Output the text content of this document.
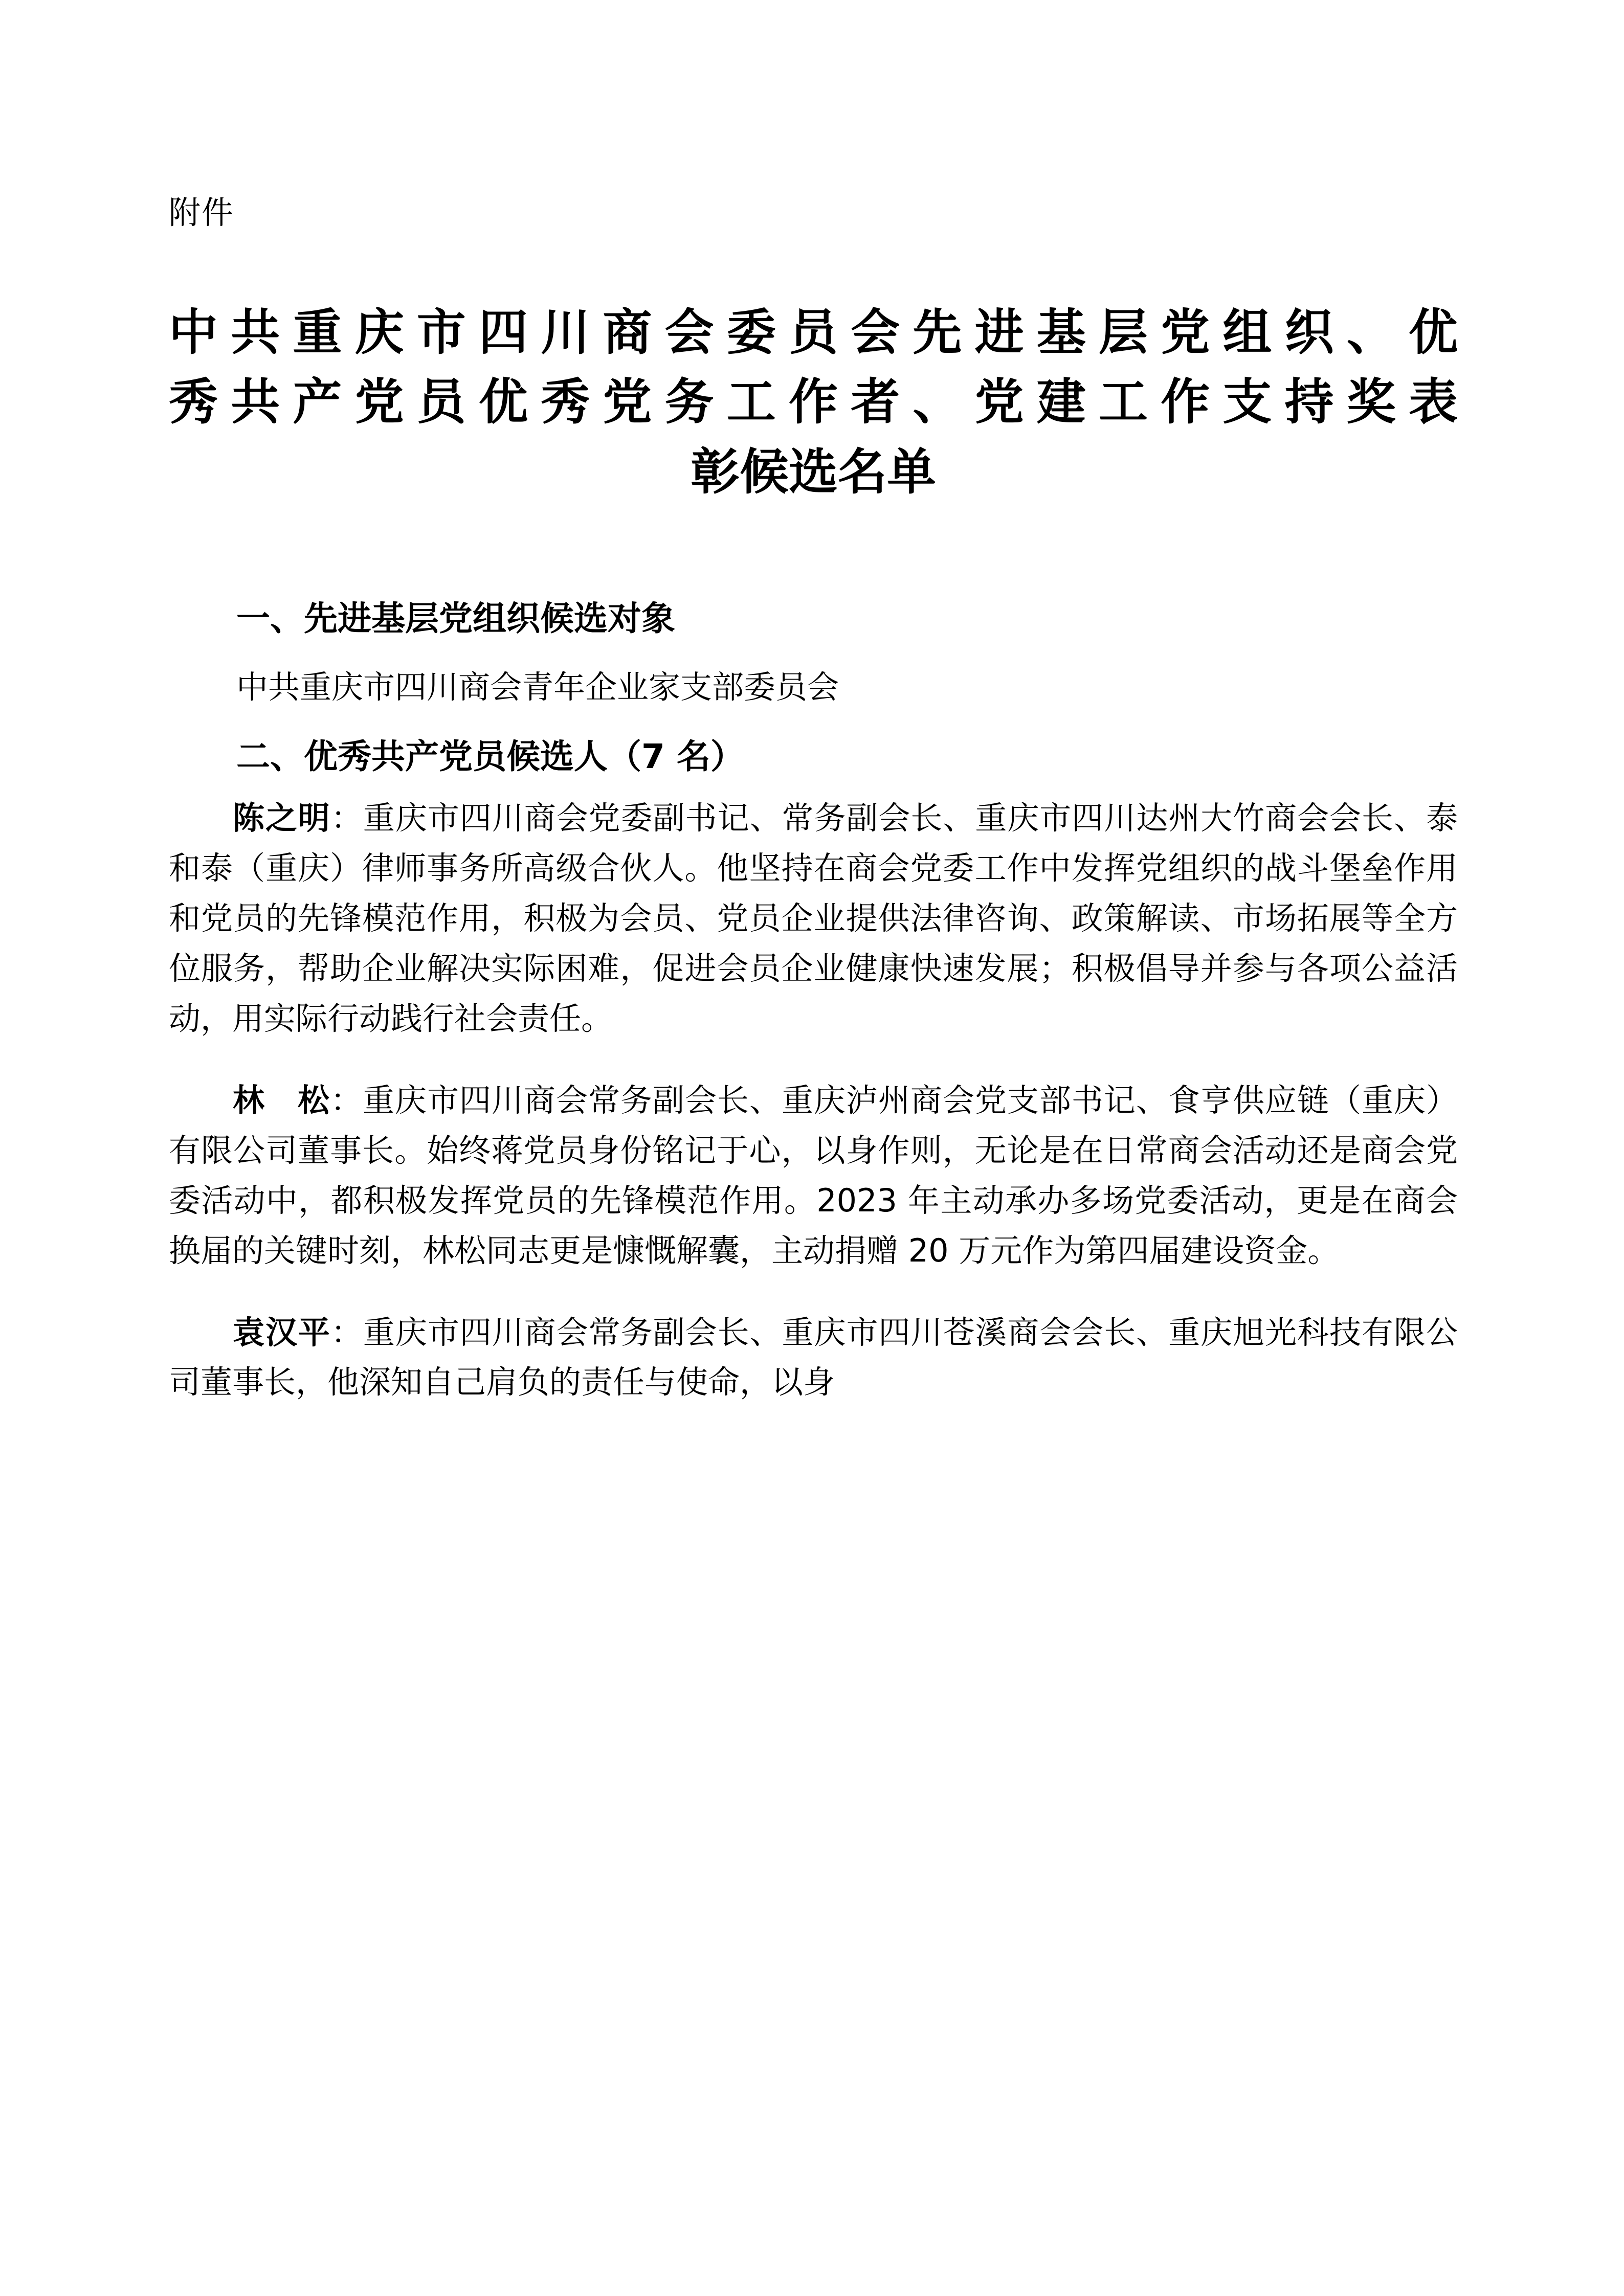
附件
中共重庆市四川商会委员会先进基层党组织、优
秀共产党员优秀党务工作者、党建工作支持奖表
彰候选名单
一、先进基层党组织候选对象
中共重庆市四川商会青年企业家支部委员会
二、优秀共产党员候选人（7 名）

陈之明：重庆市四川商会党委副书记、常务副会长、重庆市四川达州大竹商会会长、泰和泰（重庆）律师事务所高级合伙人。他坚持在商会党委工作中发挥党组织的战斗堡垒作用和党员的先锋模范作用，积极为会员、党员企业提供法律咨询、政策解读、市场拓展等全方位服务，帮助企业解决实际困难，促进会员企业健康快速发展；积极倡导并参与各项公益活动，用实际行动践行社会责任。

林 松：重庆市四川商会常务副会长、重庆泸州商会党支部书记、食亨供应链（重庆）有限公司董事长。始终蒋党员身份铭记于心，以身作则，无论是在日常商会活动还是商会党委活动中，都积极发挥党员的先锋模范作用。2023 年主动承办多场党委活动，更是在商会换届的关键时刻，林松同志更是慷慨解囊，主动捐赠 20 万元作为第四届建设资金。

袁汉平：重庆市四川商会常务副会长、重庆市四川苍溪商会会长、重庆旭光科技有限公司董事长，他深知自己肩负的责任与使命，以身
